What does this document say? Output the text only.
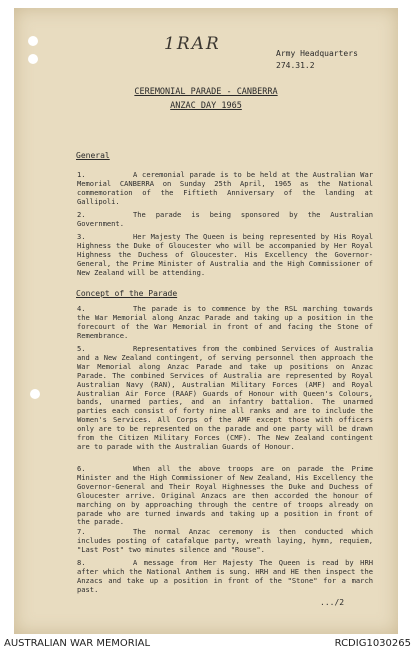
1RAR	Army Headquarters
274.31.2
CEREMONIAL PARADE - CANBERRA
ANZAC DAY 1965
General
1.	A ceremonial parade is to be held at the Australian War Memorial CANBERRA on Sunday 25th April, 1965 as the National commemoration of the Fiftieth Anniversary of the landing at Gallipoli.
2.	The parade is being sponsored by the Australian Government.
3.	Her Majesty The Queen is being represented by His Royal Highness the Duke of Gloucester who will be accompanied by Her Royal Highness the Duchess of Gloucester. His Excellency the Governor-General, the Prime Minister of Australia and the High Commissioner of New Zealand will be attending.
Concept of the Parade
4.	The parade is to commence by the RSL marching towards the War Memorial along Anzac Parade and taking up a position in the forecourt of the War Memorial in front of and facing the Stone of Remembrance.
5.	Representatives from the combined Services of Australia and a New Zealand contingent, of serving personnel then approach the War Memorial along Anzac Parade and take up positions on Anzac Parade. The combined Services of Australia are represented by Royal Australian Navy (RAN), Australian Military Forces (AMF) and Royal Australian Air Force (RAAF) Guards of Honour with Queen's Colours, bands, unarmed parties, and an infantry battalion. The unarmed parties each consist of forty nine all ranks and are to include the Women's Services. All Corps of the AMF except those with officers only are to be represented on the parade and one party will be drawn from the Citizen Military Forces (CMF). The New Zealand contingent are to parade with the Australian Guards of Honour.
6.	When all the above troops are on parade the Prime Minister and the High Commissioner of New Zealand, His Excellency the Governor-General and Their Royal Highnesses the Duke and Duchess of Gloucester arrive. Original Anzacs are then accorded the honour of marching on by approaching through the centre of troops already on parade who are turned inwards and taking up a position in front of the parade.
7.	The normal Anzac ceremony is then conducted which includes posting of catafalque party, wreath laying, hymn, requiem, "Last Post" two minutes silence and "Rouse".
8.	A message from Her Majesty The Queen is read by HRH after which the National Anthem is sung. HRH and HE then inspect the Anzacs and take up a position in front of the "Stone" for a march past.
.../2
AUSTRALIAN WAR MEMORIAL	RCDIG1030265
